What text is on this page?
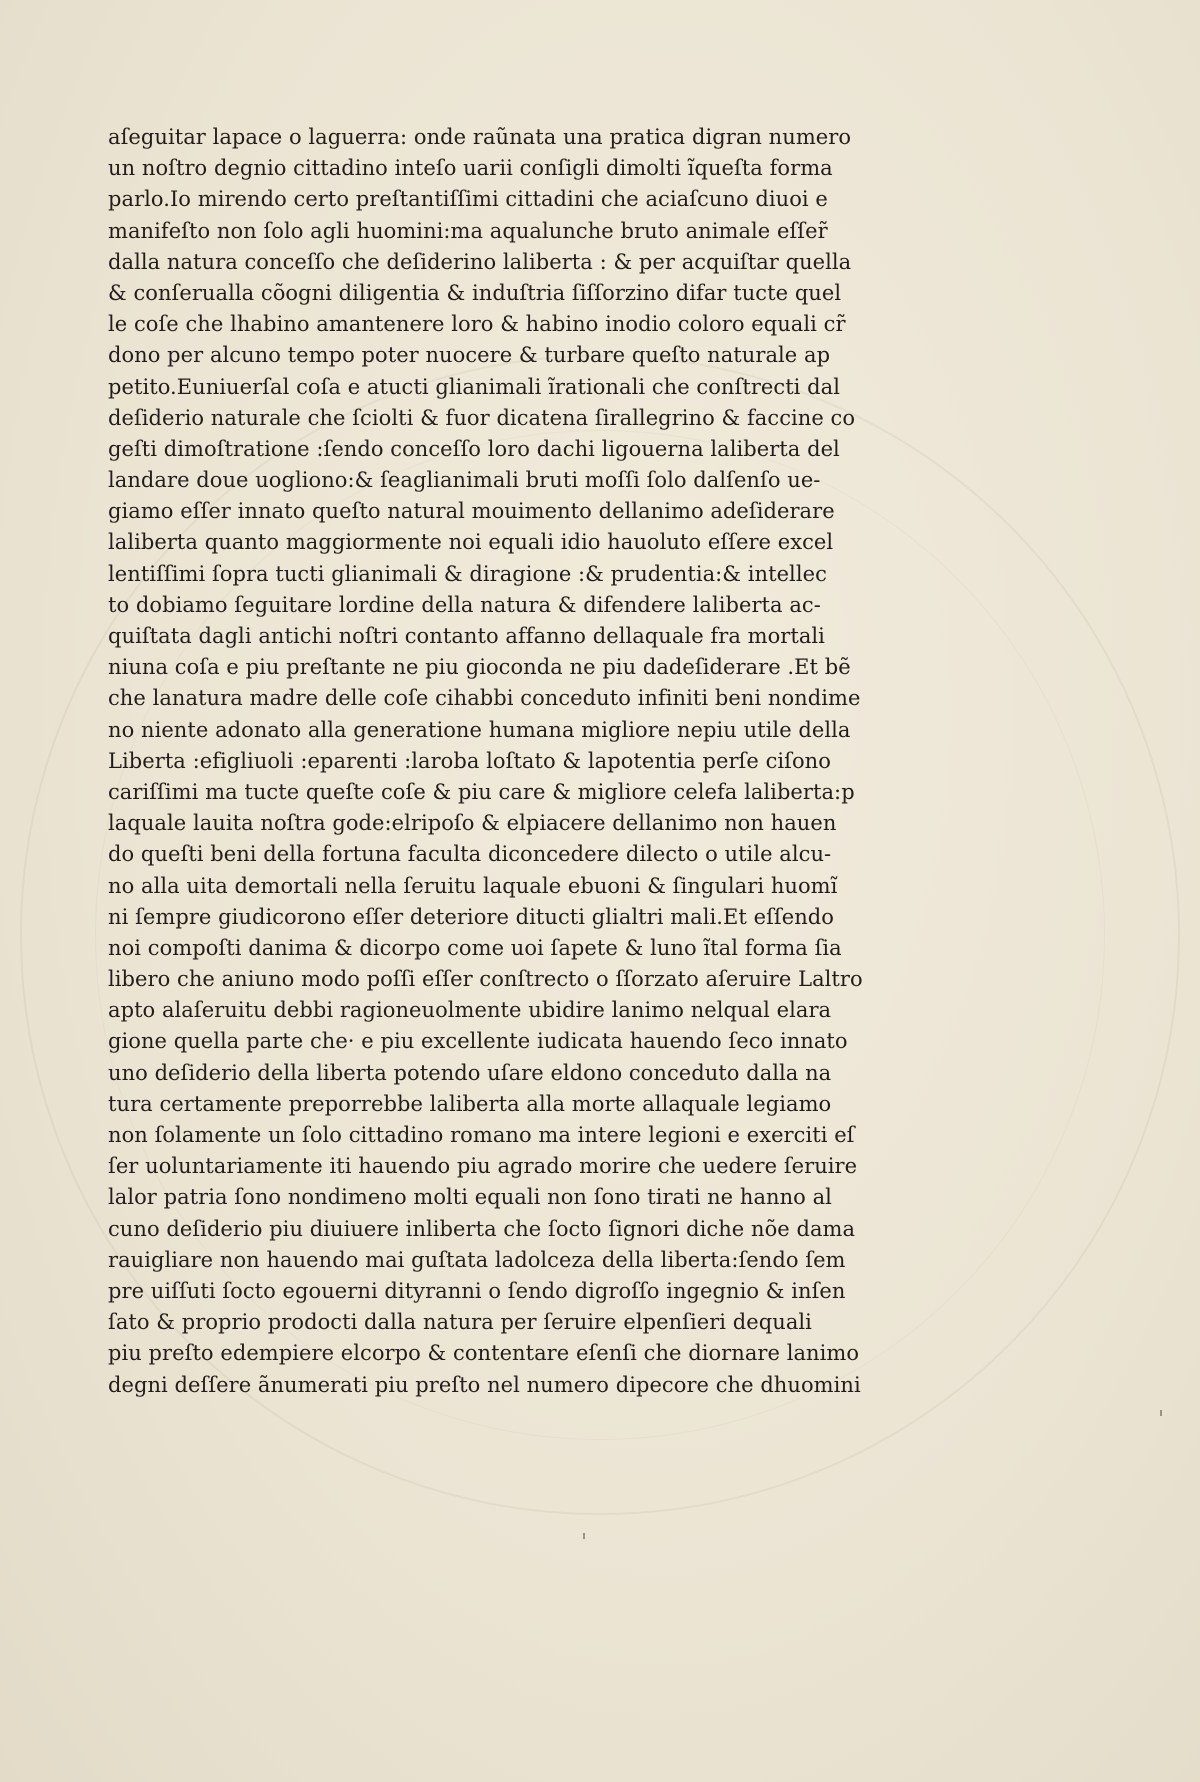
aſeguitar lapace o laguerra: onde raũnata una pratica digran numero
un noſtro degnio cittadino inteſo uarii conſigli dimolti ĩqueſta forma
parlo.Io mirendo certo preſtantiſſimi cittadini che aciaſcuno diuoi e
manifeſto non ſolo agli huomini:ma aqualunche bruto animale eſſer̃
dalla natura conceſſo che deſiderino laliberta : & per acquiſtar quella
& conſerualla cõogni diligentia & induſtria ſiſſorzino difar tucte quel
le coſe che lhabino amantenere loro & habino inodio coloro equali cr̃
dono per alcuno tempo poter nuocere & turbare queſto naturale ap
petito.Euniuerſal coſa e atucti glianimali ĩrationali che conſtrecti dal
deſiderio naturale che ſciolti & fuor dicatena ſirallegrino & faccine co
geſti dimoſtratione :ſendo conceſſo loro dachi ligouerna laliberta del
landare doue uogliono:& ſeaglianimali bruti moſſi ſolo dalſenſo ue‑
giamo eſſer innato queſto natural mouimento dellanimo adeſiderare
laliberta quanto maggiormente noi equali idio hauoluto eſſere excel
lentiſſimi ſopra tucti glianimali & diragione :& prudentia:& intellec
to dobiamo ſeguitare lordine della natura & difendere laliberta ac‑
quiſtata dagli antichi noſtri contanto affanno dellaquale fra mortali
niuna coſa e piu preſtante ne piu gioconda ne piu dadeſiderare .Et bẽ
che lanatura madre delle coſe cihabbi conceduto infiniti beni nondime
no niente adonato alla generatione humana migliore nepiu utile della
Liberta :efigliuoli :eparenti :laroba loſtato & lapotentia perſe ciſono
cariſſimi ma tucte queſte coſe & piu care & migliore celefa laliberta:p
laquale lauita noſtra gode:elripoſo & elpiacere dellanimo non hauen
do queſti beni della fortuna faculta diconcedere dilecto o utile alcu‑
no alla uita demortali nella ſeruitu laquale ebuoni & ſingulari huomĩ
ni ſempre giudicorono eſſer deteriore ditucti glialtri mali.Et eſſendo
noi compoſti danima & dicorpo come uoi ſapete & luno ĩtal forma ſia
libero che aniuno modo poſſi eſſer conſtrecto o ſſorzato aſeruire Laltro
apto alaſeruitu debbi ragioneuolmente ubidire lanimo nelqual elara
gione quella parte che· e piu excellente iudicata hauendo ſeco innato
uno deſiderio della liberta potendo uſare eldono conceduto dalla na
tura certamente preporrebbe laliberta alla morte allaquale legiamo
non ſolamente un ſolo cittadino romano ma intere legioni e exerciti eſ
ſer uoluntariamente iti hauendo piu agrado morire che uedere ſeruire
lalor patria ſono nondimeno molti equali non ſono tirati ne hanno al
cuno deſiderio piu diuiuere inliberta che ſocto ſignori diche nõe dama
rauigliare non hauendo mai guſtata ladolceza della liberta:ſendo ſem
pre uiſſuti ſocto egouerni dityranni o ſendo digroſſo ingegnio & inſen
ſato & proprio prodocti dalla natura per ſeruire elpenſieri dequali
piu preſto edempiere elcorpo & contentare eſenſi che diornare lanimo
degni deſſere ãnumerati piu preſto nel numero dipecore che dhuomini
